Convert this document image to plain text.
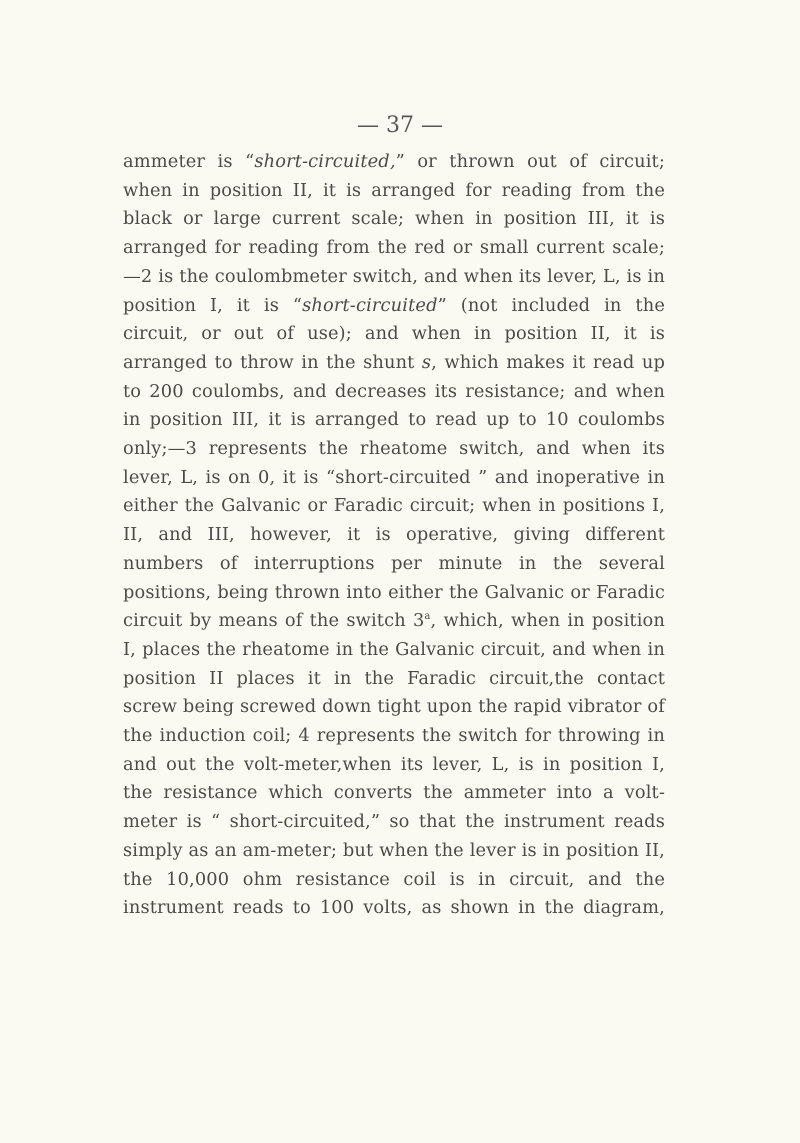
— 37 —

ammeter is “short-circuited,” or thrown out of circuit; when in position II, it is arranged for reading from the black or large current scale; when in position III, it is arranged for reading from the red or small current scale;—2 is the coulombmeter switch, and when its lever, L, is in position I, it is “short-circuited” (not included in the circuit, or out of use); and when in position II, it is arranged to throw in the shunt s, which makes it read up to 200 coulombs, and decreases its resistance; and when in position III, it is arranged to read up to 10 coulombs only;—3 represents the rheatome switch, and when its lever, L, is on 0, it is “short-circuited ” and inoperative in either the Galvanic or Faradic circuit; when in positions I, II, and III, however, it is operative, giving different numbers of interruptions per minute in the several positions, being thrown into either the Galvanic or Faradic circuit by means of the switch 3$^a$, which, when in position I, places the rheatome in the Galvanic circuit, and when in position II places it in the Faradic circuit,the contact screw being screwed down tight upon the rapid vibrator of the induction coil; 4 represents the switch for throwing in and out the volt-meter,when its lever, L, is in position I, the resistance which converts the ammeter into a volt-meter is “ short-circuited,” so that the instrument reads simply as an am-meter; but when the lever is in position II, the 10,000 ohm resistance coil is in circuit, and the instrument reads to 100 volts, as shown in the diagram,
